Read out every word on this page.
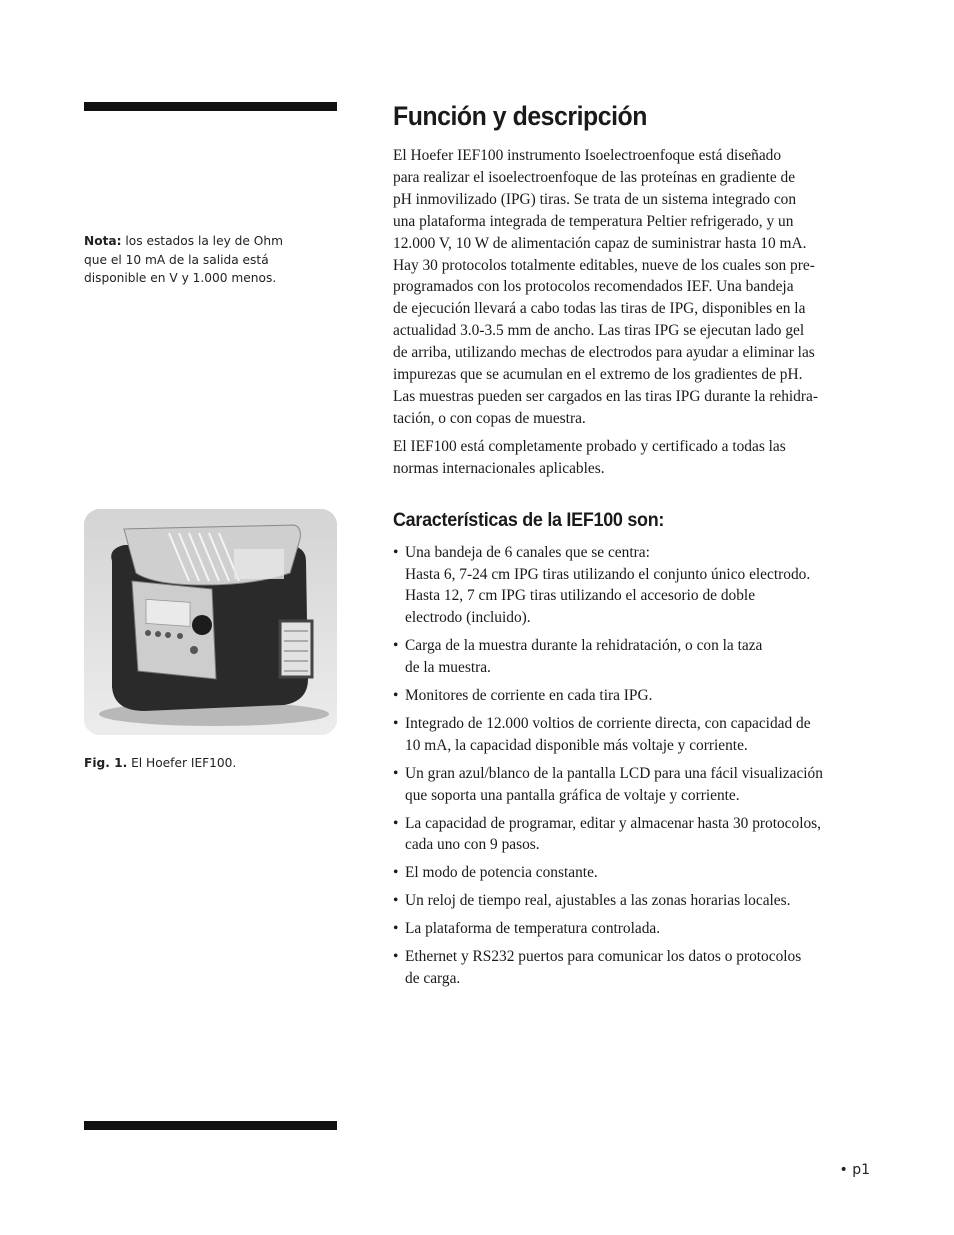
Nota: los estados la ley de Ohm que el 10 mA de la salida está disponible en V y 1.000 menos.
Fig. 1. El Hoefer IEF100.
Función y descripción
El Hoefer IEF100 instrumento Isoelectroenfoque está diseñado
para realizar el isoelectroenfoque de las proteínas en gradiente de
pH inmovilizado (IPG) tiras. Se trata de un sistema integrado con
una plataforma integrada de temperatura Peltier refrigerado, y un
12.000 V, 10 W de alimentación capaz de suministrar hasta 10 mA.
Hay 30 protocolos totalmente editables, nueve de los cuales son pre-
programados con los protocolos recomendados IEF. Una bandeja
de ejecución llevará a cabo todas las tiras de IPG, disponibles en la
actualidad 3.0-3.5 mm de ancho. Las tiras IPG se ejecutan lado gel
de arriba, utilizando mechas de electrodos para ayudar a eliminar las
impurezas que se acumulan en el extremo de los gradientes de pH.
Las muestras pueden ser cargados en las tiras IPG durante la rehidra-
tación, o con copas de muestra.
El IEF100 está completamente probado y certificado a todas las
normas internacionales aplicables.
Características de la IEF100 son:
• Una bandeja de 6 canales que se centra:
Hasta 6, 7-24 cm IPG tiras utilizando el conjunto único electrodo.
Hasta 12, 7 cm IPG tiras utilizando el accesorio de doble
electrodo (incluido).
• Carga de la muestra durante la rehidratación, o con la taza
de la muestra.
• Monitores de corriente en cada tira IPG.
• Integrado de 12.000 voltios de corriente directa, con capacidad de
10 mA, la capacidad disponible más voltaje y corriente.
• Un gran azul/blanco de la pantalla LCD para una fácil visualización
que soporta una pantalla gráfica de voltaje y corriente.
• La capacidad de programar, editar y almacenar hasta 30 protocolos,
cada uno con 9 pasos.
• El modo de potencia constante.
• Un reloj de tiempo real, ajustables a las zonas horarias locales.
• La plataforma de temperatura controlada.
• Ethernet y RS232 puertos para comunicar los datos o protocolos
de carga.
• p1
